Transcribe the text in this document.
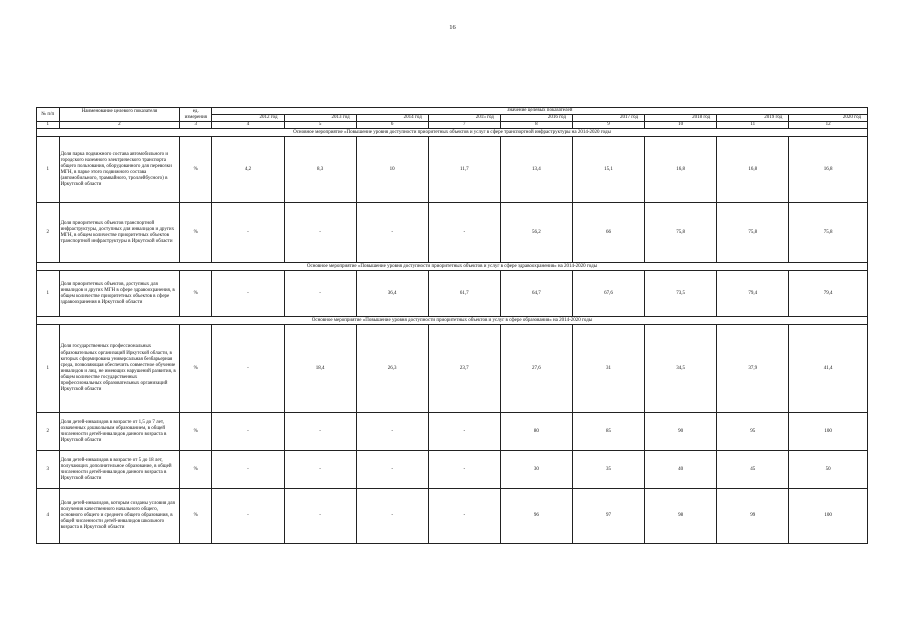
16
№ п/п	Наименование целевого показателя	ед. измерения	Значение целевых показателей								
			2012 год	2013 год	2014 год	2015 год	2016 год	2017 год	2018 год	2019 год	2020 год
1	2	3	4	5	6	7	8	9	10	11	12
Основное мероприятие «Повышение уровня доступности приоритетных объектов и услуг в сфере транспортной инфраструктуры на 2014-2020 годы											
1	Доля парка подвижного состава автомобильного и городского наземного электрического транспорта общего пользования, оборудованного для перевозки МГН, в парке этого подвижного состава (автомобильного, трамвайного, троллейбусного) в Иркутской области	%	4,2	8,3	10	11,7	13,4	15,1	16,8	16,8	16,8
2	Доля приоритетных объектов транспортной инфраструктуры, доступных для инвалидов и других МГН, в общем количестве приоритетных объектов транспортной инфраструктуры в Иркутской области	%	-	-	-	-	56,2	66	75,8	75,8	75,8
Основное мероприятие «Повышение уровня доступности приоритетных объектов и услуг в сфере здравоохранения» на 2014-2020 годы											
1	Доля приоритетных объектов, доступных для инвалидов и других МГН в сфере здравоохранения, в общем количестве приоритетных объектов в сфере здравоохранения в Иркутской области	%	-	-	36,4	61,7	64,7	67,6	73,5	79,4	79,4
Основное мероприятие «Повышение уровня доступности приоритетных объектов и услуг в сфере образования» на 2014-2020 годы											
1	Доля государственных профессиональных образовательных организаций Иркутской области, в которых сформирована универсальная безбарьерная среда, позволяющая обеспечить совместное обучение инвалидов и лиц, не имеющих нарушений развития, в общем количестве государственных профессиональных образовательных организаций Иркутской области	%	-	18,4	26,3	23,7	27,6	31	34,5	37,9	41,4
2	Доля детей-инвалидов в возрасте от 1,5 до 7 лет, охваченных дошкольным образованием, в общей численности детей-инвалидов данного возраста в Иркутской области	%	-	-	-	-	80	85	90	95	100
3	Доля детей-инвалидов в возрасте от 5 до 18 лет, получающих дополнительное образование, в общей численности детей-инвалидов данного возраста в Иркутской области	%	-	-	-	-	30	35	40	45	50
4	Доля детей-инвалидов, которым созданы условия для получения качественного начального общего, основного общего и среднего общего образования, в общей численности детей-инвалидов школьного возраста в Иркутской области	%	-	-	-	-	96	97	98	99	100
